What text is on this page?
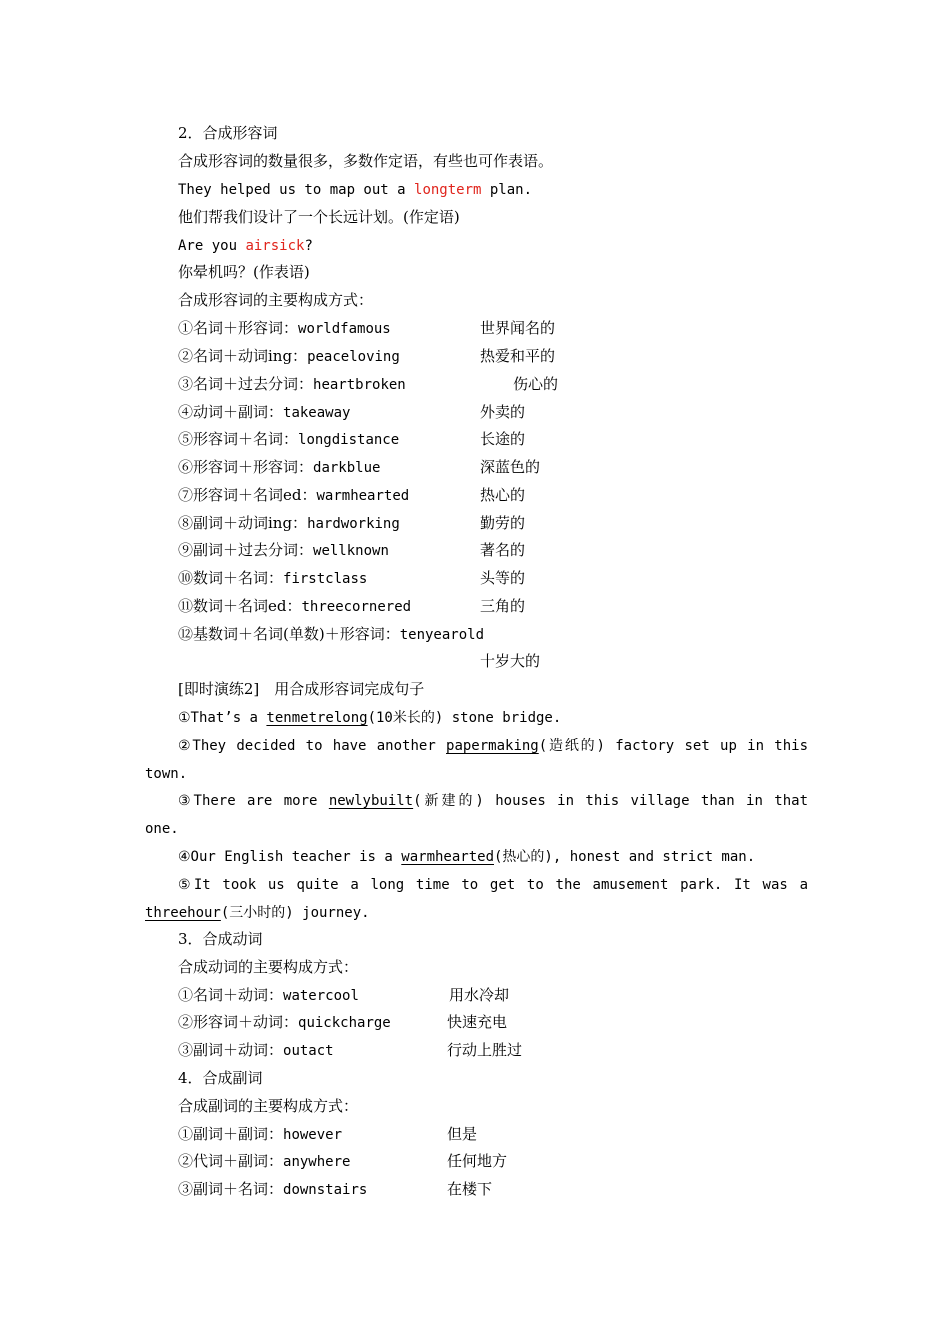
2．合成形容词
合成形容词的数量很多，多数作定语，有些也可作表语。
They helped us to map out a longterm plan.
他们帮我们设计了一个长远计划。(作定语)
Are you airsick?
你晕机吗？(作表语)
合成形容词的主要构成方式：
①名词＋形容词：worldfamous	世界闻名的
②名词＋动词ing：peaceloving	热爱和平的
③名词＋过去分词：heartbroken	伤心的
④动词＋副词：takeaway	外卖的
⑤形容词＋名词：longdistance	长途的
⑥形容词＋形容词：darkblue	深蓝色的
⑦形容词＋名词ed：warmhearted	热心的
⑧副词＋动词ing：hardworking	勤劳的
⑨副词＋过去分词：wellknown	著名的
⑩数词＋名词：firstclass	头等的
⑪数词＋名词ed：threecornered	三角的
⑫基数词＋名词(单数)＋形容词：tenyearold
十岁大的
[即时演练2]　用合成形容词完成句子
①That’s a tenmetrelong(10米长的) stone bridge.
②They decided to have another papermaking(造纸的) factory set up in this
town.
③There are more newlybuilt(新建的) houses in this village than in that
one.
④Our English teacher is a warmhearted(热心的), honest and strict man.
⑤It took us quite a long time to get to the amusement park. It was a
threehour(三小时的) journey.
3．合成动词
合成动词的主要构成方式：
①名词＋动词：watercool	用水冷却
②形容词＋动词：quickcharge	快速充电
③副词＋动词：outact	行动上胜过
4．合成副词
合成副词的主要构成方式：
①副词＋副词：however	但是
②代词＋副词：anywhere	任何地方
③副词＋名词：downstairs	在楼下
